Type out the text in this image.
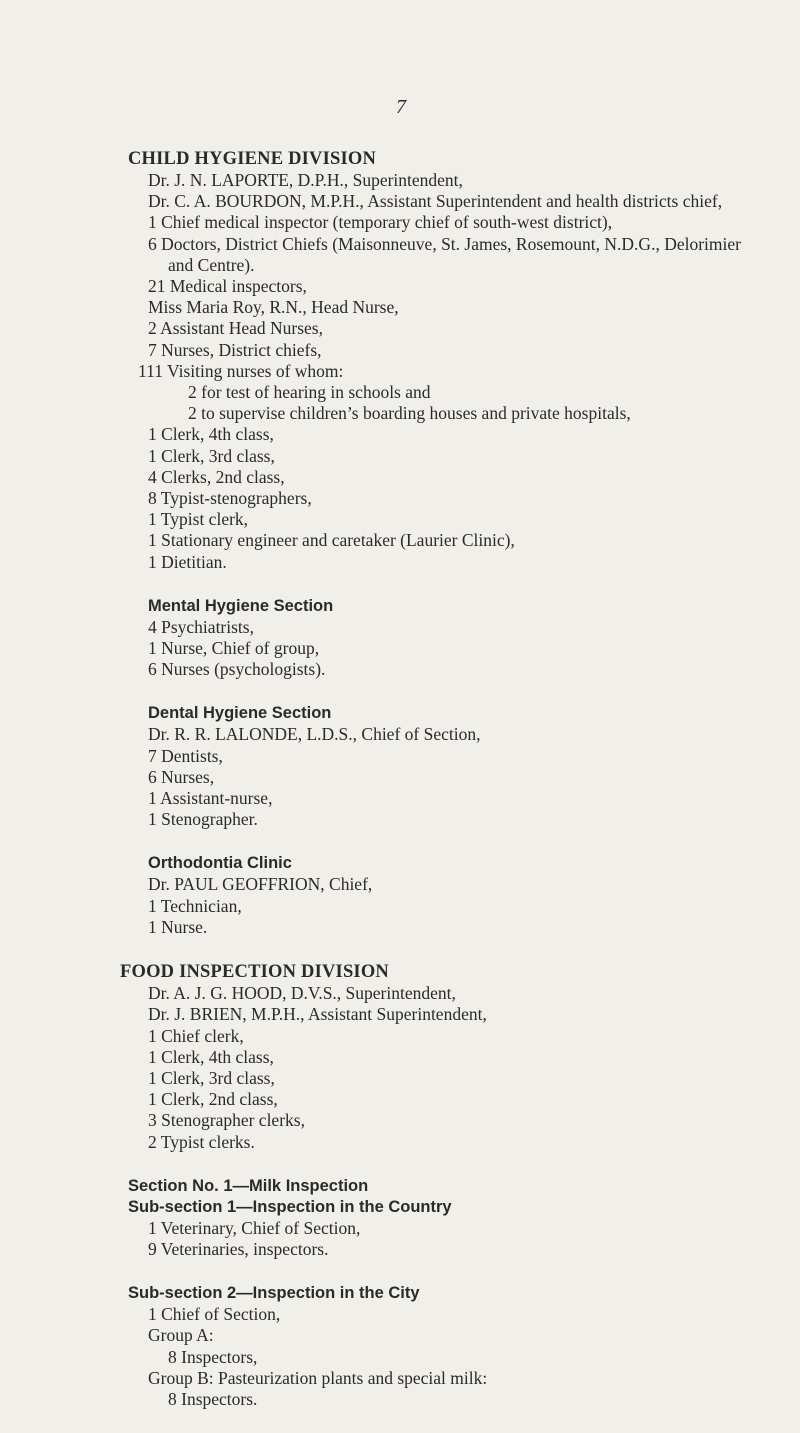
7
CHILD HYGIENE DIVISION
Dr. J. N. LAPORTE, D.P.H., Superintendent,
Dr. C. A. BOURDON, M.P.H., Assistant Superintendent and health districts chief,
1 Chief medical inspector (temporary chief of south-west district),
6 Doctors, District Chiefs (Maisonneuve, St. James, Rosemount, N.D.G., Delorimier and Centre).
21 Medical inspectors,
Miss Maria Roy, R.N., Head Nurse,
2 Assistant Head Nurses,
7 Nurses, District chiefs,
111 Visiting nurses of whom:
2 for test of hearing in schools and
2 to supervise children’s boarding houses and private hospitals,
1 Clerk, 4th class,
1 Clerk, 3rd class,
4 Clerks, 2nd class,
8 Typist-stenographers,
1 Typist clerk,
1 Stationary engineer and caretaker (Laurier Clinic),
1 Dietitian.
Mental Hygiene Section
4 Psychiatrists,
1 Nurse, Chief of group,
6 Nurses (psychologists).
Dental Hygiene Section
Dr. R. R. LALONDE, L.D.S., Chief of Section,
7 Dentists,
6 Nurses,
1 Assistant-nurse,
1 Stenographer.
Orthodontia Clinic
Dr. PAUL GEOFFRION, Chief,
1 Technician,
1 Nurse.
FOOD INSPECTION DIVISION
Dr. A. J. G. HOOD, D.V.S., Superintendent,
Dr. J. BRIEN, M.P.H., Assistant Superintendent,
1 Chief clerk,
1 Clerk, 4th class,
1 Clerk, 3rd class,
1 Clerk, 2nd class,
3 Stenographer clerks,
2 Typist clerks.
Section No. 1—Milk Inspection
Sub-section 1—Inspection in the Country
1 Veterinary, Chief of Section,
9 Veterinaries, inspectors.
Sub-section 2—Inspection in the City
1 Chief of Section,
Group A:
8 Inspectors,
Group B: Pasteurization plants and special milk:
8 Inspectors.
